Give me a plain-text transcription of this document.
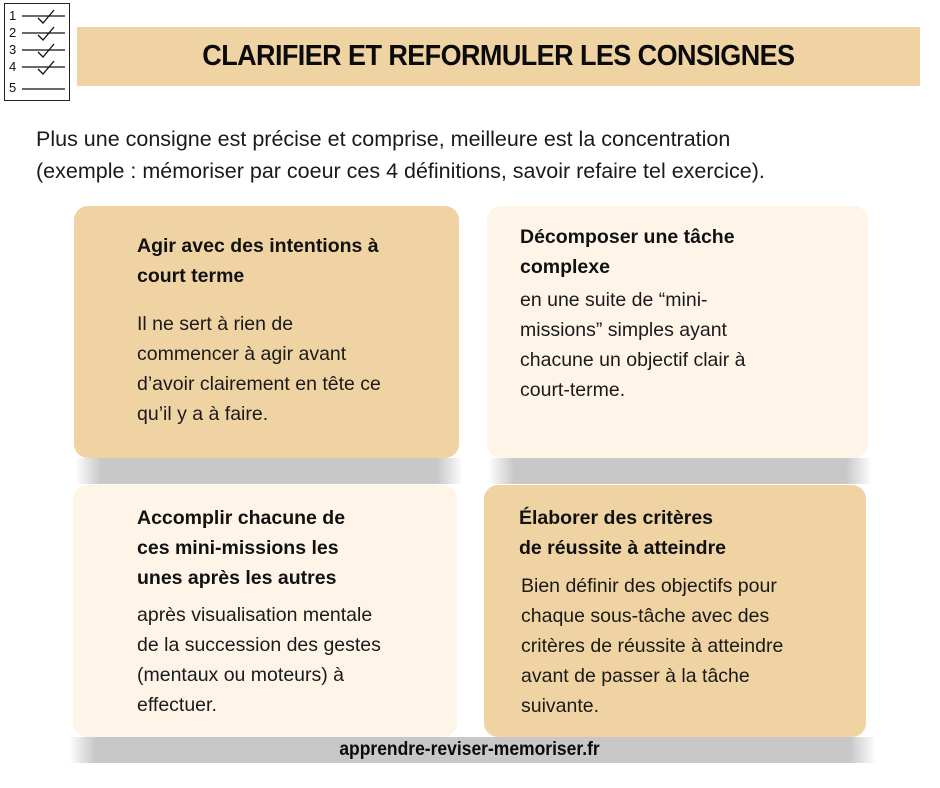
1
2
3
4
5
CLARIFIER ET REFORMULER LES CONSIGNES

Plus une consigne est précise et comprise, meilleure est la concentration

(exemple : mémoriser par coeur ces 4 définitions, savoir refaire tel exercice).

Agir avec des intentions à
court terme

Il ne sert à rien de
commencer à agir avant
d’avoir clairement en tête ce
qu’il y a à faire.

Décomposer une tâche
complexe

en une suite de “mini-
missions” simples ayant
chacune un objectif clair à
court-terme.

Accomplir chacune de
ces mini-missions les
unes après les autres

après visualisation mentale
de la succession des gestes
(mentaux ou moteurs) à
effectuer.

Élaborer des critères
de réussite à atteindre

Bien définir des objectifs pour
chaque sous-tâche avec des
critères de réussite à atteindre
avant de passer à la tâche
suivante.

apprendre-reviser-memoriser.fr
